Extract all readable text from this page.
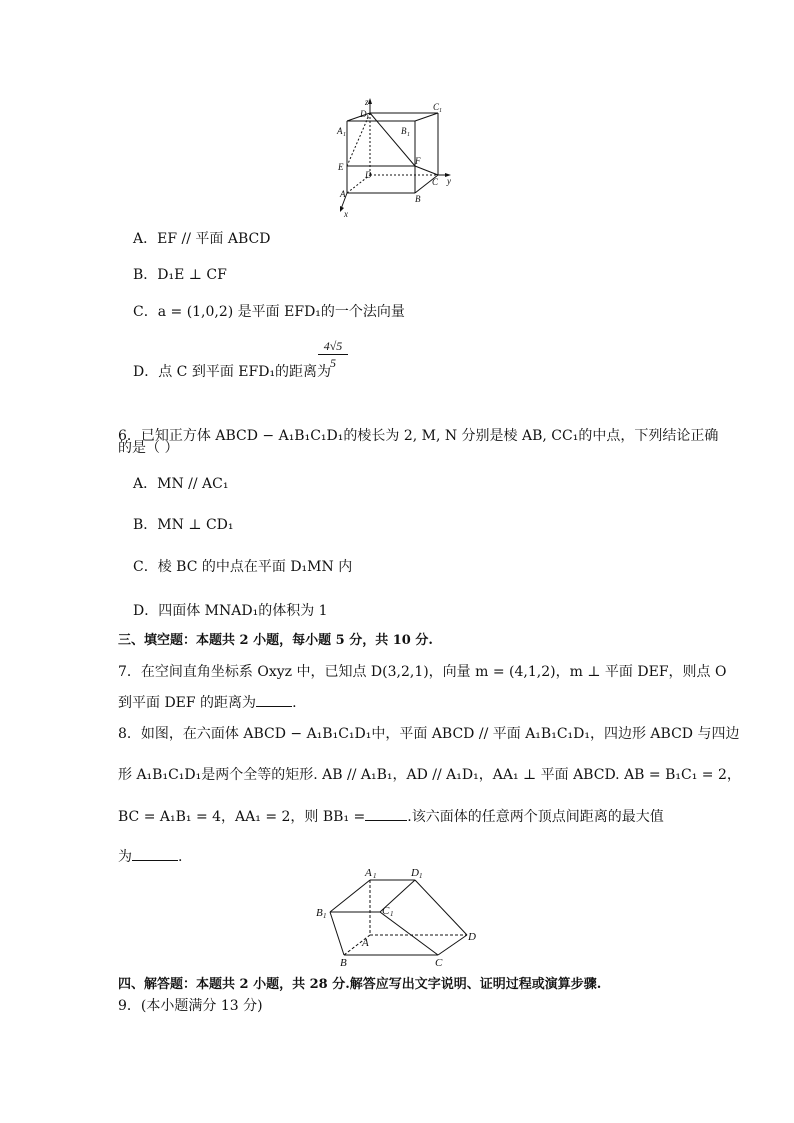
z
D 1
C 1
A 1	B 1
E
F
D
C y
A	B
x
A．EF // 平面 ABCD
B．D₁E ⊥ CF
C．a = (1,0,2) 是平面 EFD₁的一个法向量
D．点 C 到平面 EFD₁的距离为
$\frac{4√5}{5}$
6．已知正方体 ABCD − A₁B₁C₁D₁的棱长为 2, M, N 分别是棱 AB, CC₁的中点，下列结论正确
的是（ ）
A．MN // AC₁
B．MN ⊥ CD₁
C．棱 BC 的中点在平面 D₁MN 内
D．四面体 MNAD₁的体积为 1
三、填空题：本题共 2 小题，每小题 5 分，共 10 分.
7．在空间直角坐标系 Oxyz 中，已知点 D(3,2,1)，向量 m = (4,1,2)，m ⊥ 平面 DEF，则点 O
到平面 DEF 的距离为	.
8．如图，在六面体 ABCD − A₁B₁C₁D₁中，平面 ABCD // 平面 A₁B₁C₁D₁，四边形 ABCD 与四边
形 A₁B₁C₁D₁是两个全等的矩形. AB // A₁B₁，AD // A₁D₁，AA₁ ⊥ 平面 ABCD. AB = B₁C₁ = 2，
BC = A₁B₁ = 4，AA₁ = 2，则 BB₁ =	.该六面体的任意两个顶点间距离的最大值
为	.
A 1	D 1
B 1	C 1
A	D
B	C
四、解答题：本题共 2 小题，共 28 分.解答应写出文字说明、证明过程或演算步骤.
9．(本小题满分 13 分)
